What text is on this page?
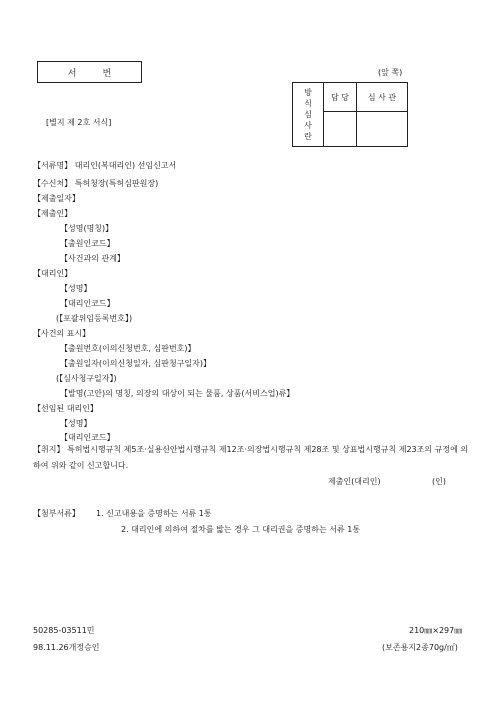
서번	(앞 쪽)
[별지 제 2호 서식]
방
식
심
사
란	담 당	심 사 관

【서류명】 대리인(복대리인) 선임신고서
【수신처】 특허청장(특허심판원장)
【제출일자】
【제출인】
【성명(명칭)】
【출원인코드】
【사건과의 관계】
【대리인】
【성명】
【대리인코드】
(【포괄위임등록번호】)
【사건의 표시】
【출원번호(이의신청번호, 심판번호)】
【출원일자(이의신청일자, 심판청구일자)】
(【심사청구일자】)
【발명(고안)의 명칭, 의장의 대상이 되는 물품, 상품(서비스업)류】
【선임된 대리인】
【성명】
【대리인코드】
【취지】 특허법시행규칙 제5조·실용신안법시행규칙 제12조·의장법시행규칙 제28조 및 상표법시행규칙 제23조의 규정에 의하여 위와 같이 신고합니다.
제출인(대리인)	(인)
【첨부서류】 1. 신고내용을 증명하는 서류 1통
2. 대리인에 의하여 절차를 밟는 경우 그 대리권을 증명하는 서류 1통
50285-03511민
98.11.26개정승인
210㎜×297㎜
(보존용지2종70g/㎡)
